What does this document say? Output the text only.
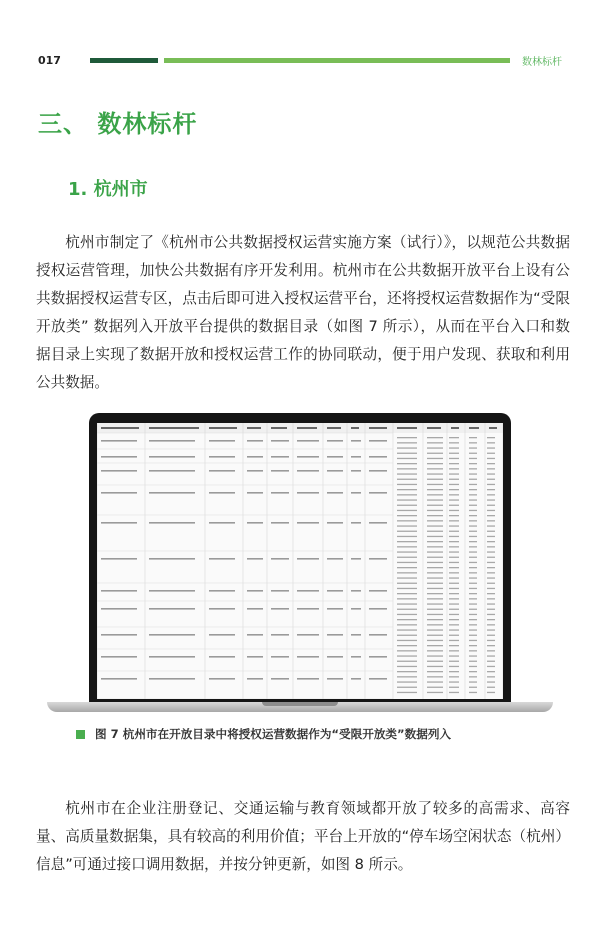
017	数林标杆
三、 数林标杆
1. 杭州市

杭州市制定了《杭州市公共数据授权运营实施方案（试行）》，以规范公共数据授权运营管理，加快公共数据有序开发利用。杭州市在公共数据开放平台上设有公共数据授权运营专区，点击后即可进入授权运营平台，还将授权运营数据作为“受限开放类” 数据列入开放平台提供的数据目录（如图 7 所示），从而在平台入口和数据目录上实现了数据开放和授权运营工作的协同联动，便于用户发现、获取和利用公共数据。

图 7 杭州市在开放目录中将授权运营数据作为“受限开放类”数据列入

杭州市在企业注册登记、交通运输与教育领域都开放了较多的高需求、高容量、高质量数据集，具有较高的利用价值；平台上开放的“停车场空闲状态（杭州）信息”可通过接口调用数据，并按分钟更新，如图 8 所示。
